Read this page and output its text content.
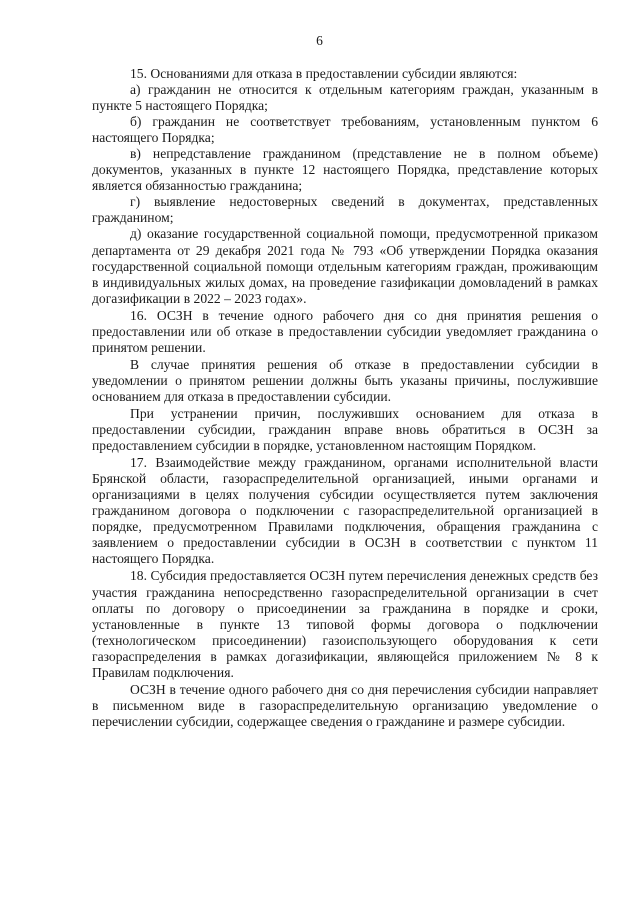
6

15. Основаниями для отказа в предоставлении субсидии являются:

а) гражданин не относится к отдельным категориям граждан, указанным в пункте 5 настоящего Порядка;

б) гражданин не соответствует требованиям, установленным пунктом 6 настоящего Порядка;

в) непредставление гражданином (представление не в полном объеме) документов, указанных в пункте 12 настоящего Порядка, представление которых является обязанностью гражданина;

г) выявление недостоверных сведений в документах, представленных гражданином;

д) оказание государственной социальной помощи, предусмотренной приказом департамента от 29 декабря 2021 года № 793 «Об утверждении Порядка оказания государственной социальной помощи отдельным категориям граждан, проживающим в индивидуальных жилых домах, на проведение газификации домовладений в рамках догазификации в 2022 – 2023 годах».

16. ОСЗН в течение одного рабочего дня со дня принятия решения о предоставлении или об отказе в предоставлении субсидии уведомляет гражданина о принятом решении.

В случае принятия решения об отказе в предоставлении субсидии в уведомлении о принятом решении должны быть указаны причины, послужившие основанием для отказа в предоставлении субсидии.

При устранении причин, послуживших основанием для отказа в предоставлении субсидии, гражданин вправе вновь обратиться в ОСЗН за предоставлением субсидии в порядке, установленном настоящим Порядком.

17. Взаимодействие между гражданином, органами исполнительной власти Брянской области, газораспределительной организацией, иными органами и организациями в целях получения субсидии осуществляется путем заключения гражданином договора о подключении с газораспределительной организацией в порядке, предусмотренном Правилами подключения, обращения гражданина с заявлением о предоставлении субсидии в ОСЗН в соответствии с пунктом 11 настоящего Порядка.

18. Субсидия предоставляется ОСЗН путем перечисления денежных средств без участия гражданина непосредственно газораспределительной организации в счет оплаты по договору о присоединении за гражданина в порядке и сроки, установленные в пункте 13 типовой формы договора о подключении (технологическом присоединении) газоиспользующего оборудования к сети газораспределения в рамках догазификации, являющейся приложением № 8 к Правилам подключения.

ОСЗН в течение одного рабочего дня со дня перечисления субсидии направляет в письменном виде в газораспределительную организацию уведомление о перечислении субсидии, содержащее сведения о гражданине и размере субсидии.
